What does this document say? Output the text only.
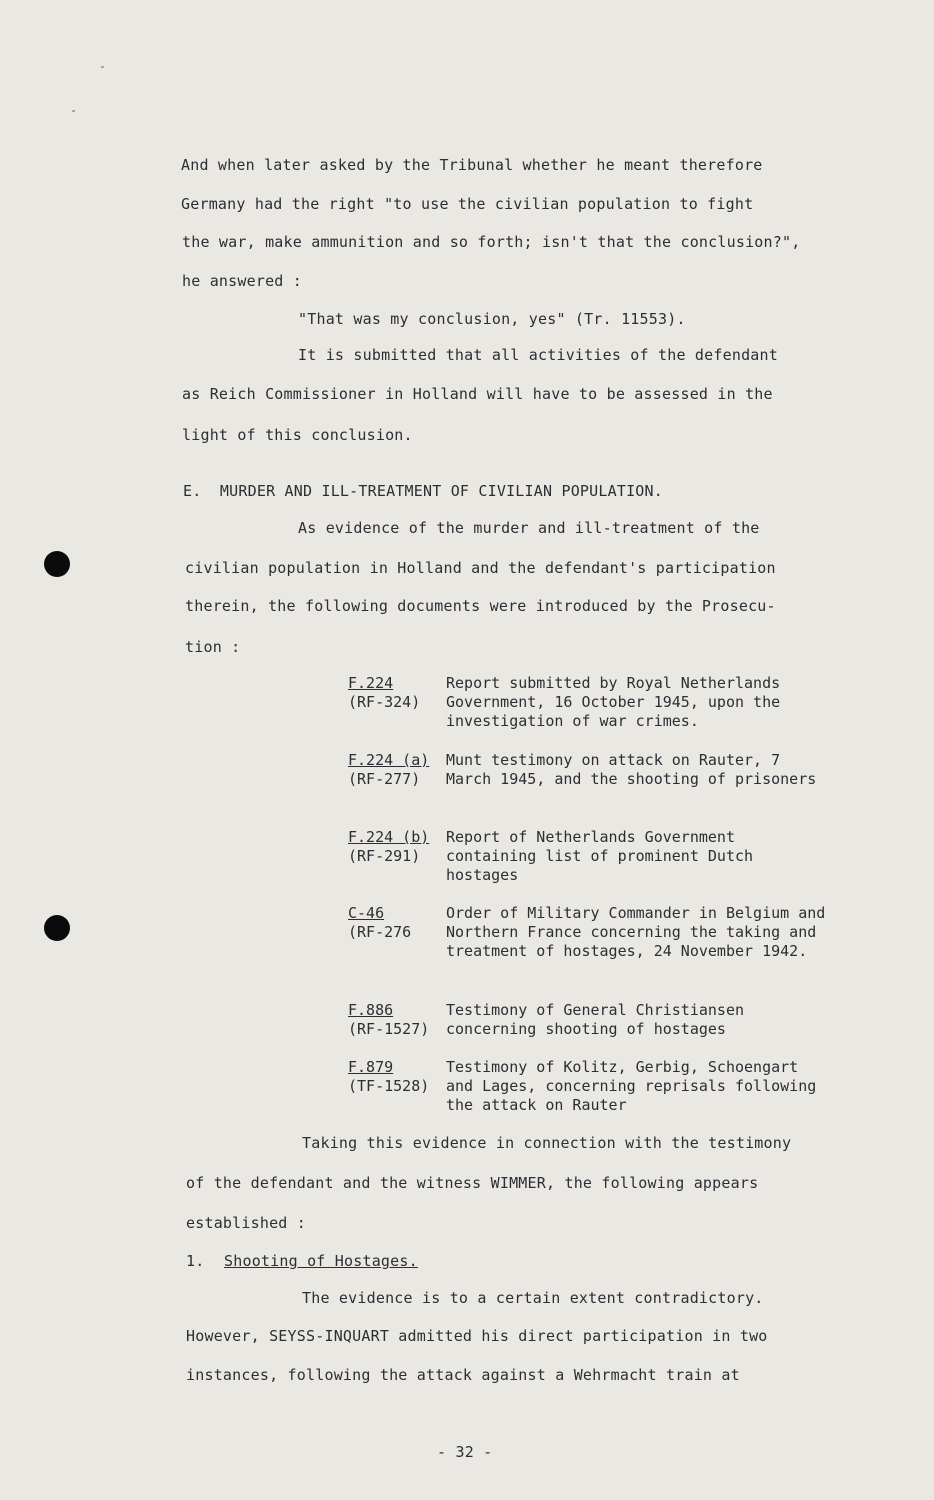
And when later asked by the Tribunal whether he meant therefore
Germany had the right "to use the civilian population to fight
the war, make ammunition and so forth; isn't that the conclusion?",
he answered :
"That was my conclusion, yes" (Tr. 11553).
It is submitted that all activities of the defendant
as Reich Commissioner in Holland will have to be assessed in the
light of this conclusion.
E.  MURDER AND ILL-TREATMENT OF CIVILIAN POPULATION.
As evidence of the murder and ill-treatment of the
civilian population in Holland and the defendant's participation
therein, the following documents were introduced by the Prosecu-
tion :
F.224
(RF-324)
Report submitted by Royal Netherlands Government, 16 October 1945, upon the investigation of war crimes.
F.224 (a)
(RF-277)
Munt testimony on attack on Rauter, 7 March 1945, and the shooting of prisoners
F.224 (b)
(RF-291)
Report of Netherlands Government containing list of prominent Dutch hostages
C-46
(RF-276
Order of Military Commander in Belgium and Northern France concerning the taking and treatment of hostages, 24 November 1942.
F.886
(RF-1527)
Testimony of General Christiansen concerning shooting of hostages
F.879
(TF-1528)
Testimony of Kolitz, Gerbig, Schoengart and Lages, concerning reprisals following the attack on Rauter
Taking this evidence in connection with the testimony
of the defendant and the witness WIMMER, the following appears
established :
1. Shooting of Hostages.
The evidence is to a certain extent contradictory.
However, SEYSS-INQUART admitted his direct participation in two
instances, following the attack against a Wehrmacht train at
- 32 -
